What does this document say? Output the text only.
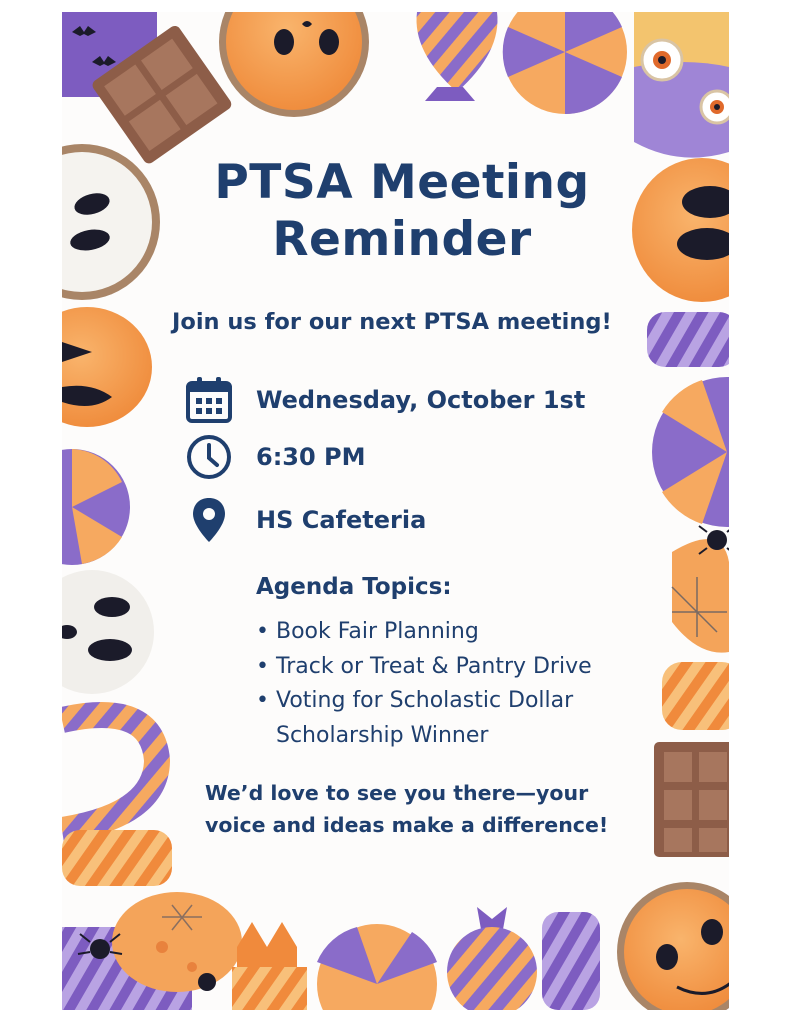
PTSA Meeting
Reminder
Join us for our next PTSA meeting!
Wednesday, October 1st
6:30 PM
HS Cafeteria
Agenda Topics:
• Book Fair Planning
• Track or Treat & Pantry Drive
• Voting for Scholastic Dollar Scholarship Winner
We’d love to see you there—your
voice and ideas make a difference!
